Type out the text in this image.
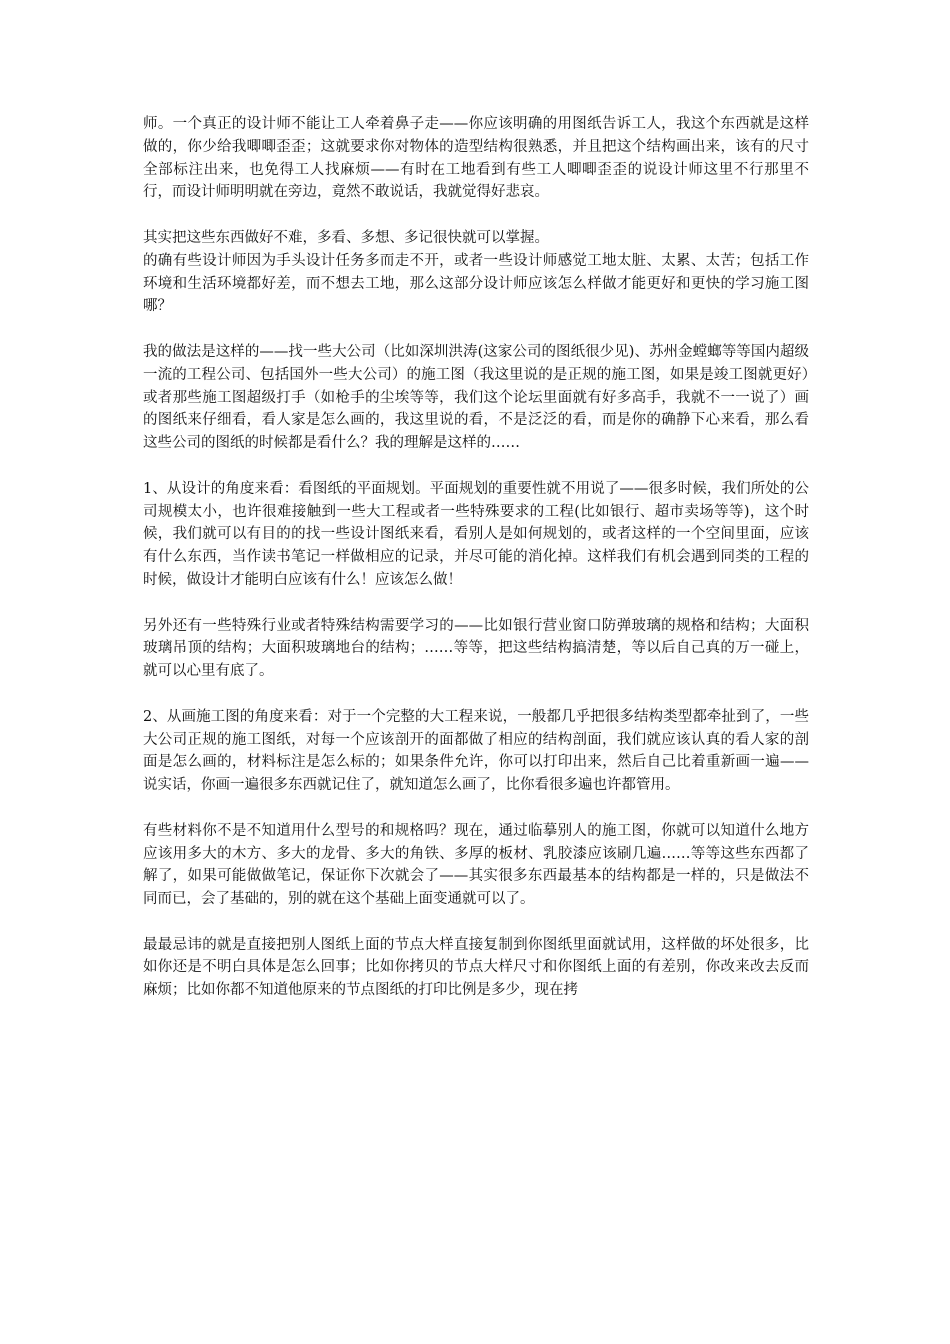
师。一个真正的设计师不能让工人牵着鼻子走——你应该明确的用图纸告诉工人，我这个东西就是这样做的，你少给我唧唧歪歪；这就要求你对物体的造型结构很熟悉，并且把这个结构画出来，该有的尺寸全部标注出来，也免得工人找麻烦——有时在工地看到有些工人唧唧歪歪的说设计师这里不行那里不行，而设计师明明就在旁边，竟然不敢说话，我就觉得好悲哀。

其实把这些东西做好不难，多看、多想、多记很快就可以掌握。

的确有些设计师因为手头设计任务多而走不开，或者一些设计师感觉工地太脏、太累、太苦；包括工作环境和生活环境都好差，而不想去工地，那么这部分设计师应该怎么样做才能更好和更快的学习施工图哪？

我的做法是这样的——找一些大公司（比如深圳洪涛(这家公司的图纸很少见)、苏州金螳螂等等国内超级一流的工程公司、包括国外一些大公司）的施工图（我这里说的是正规的施工图，如果是竣工图就更好）或者那些施工图超级打手（如枪手的尘埃等等，我们这个论坛里面就有好多高手，我就不一一说了）画的图纸来仔细看，看人家是怎么画的，我这里说的看，不是泛泛的看，而是你的确静下心来看，那么看这些公司的图纸的时候都是看什么？我的理解是这样的……

1、从设计的角度来看：看图纸的平面规划。平面规划的重要性就不用说了——很多时候，我们所处的公司规模太小，也许很难接触到一些大工程或者一些特殊要求的工程(比如银行、超市卖场等等)，这个时候，我们就可以有目的的找一些设计图纸来看，看别人是如何规划的，或者这样的一个空间里面，应该有什么东西，当作读书笔记一样做相应的记录，并尽可能的消化掉。这样我们有机会遇到同类的工程的时候，做设计才能明白应该有什么！应该怎么做！

另外还有一些特殊行业或者特殊结构需要学习的——比如银行营业窗口防弹玻璃的规格和结构；大面积玻璃吊顶的结构；大面积玻璃地台的结构；……等等，把这些结构搞清楚，等以后自己真的万一碰上，就可以心里有底了。

2、从画施工图的角度来看：对于一个完整的大工程来说，一般都几乎把很多结构类型都牵扯到了，一些大公司正规的施工图纸，对每一个应该剖开的面都做了相应的结构剖面，我们就应该认真的看人家的剖面是怎么画的，材料标注是怎么标的；如果条件允许，你可以打印出来，然后自己比着重新画一遍——说实话，你画一遍很多东西就记住了，就知道怎么画了，比你看很多遍也许都管用。

有些材料你不是不知道用什么型号的和规格吗？现在，通过临摹别人的施工图，你就可以知道什么地方应该用多大的木方、多大的龙骨、多大的角铁、多厚的板材、乳胶漆应该刷几遍……等等这些东西都了解了，如果可能做做笔记，保证你下次就会了——其实很多东西最基本的结构都是一样的，只是做法不同而已，会了基础的，别的就在这个基础上面变通就可以了。

最最忌讳的就是直接把别人图纸上面的节点大样直接复制到你图纸里面就试用，这样做的坏处很多，比如你还是不明白具体是怎么回事；比如你拷贝的节点大样尺寸和你图纸上面的有差别，你改来改去反而麻烦；比如你都不知道他原来的节点图纸的打印比例是多少，现在拷
